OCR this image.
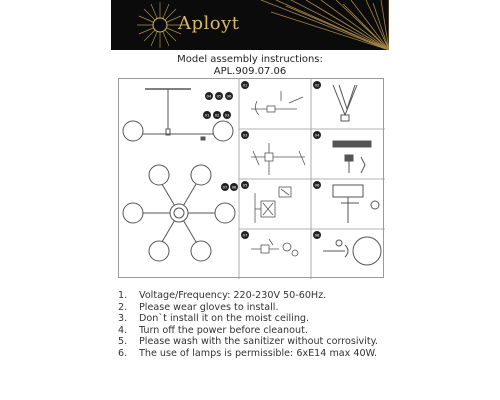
Aployt
Model assembly instructions:
APL.909.07.06
04 05 06
01 02 03
07 08
01	02
03	04
05	06
07	08
1. Voltage/Frequency: 220-230V 50-60Hz.
2. Please wear gloves to install.
3. Don`t install it on the moist ceiling.
4. Turn off the power before cleanout.
5. Please wash with the sanitizer without corrosivity.
6. The use of lamps is permissible: 6xE14 max 40W.
